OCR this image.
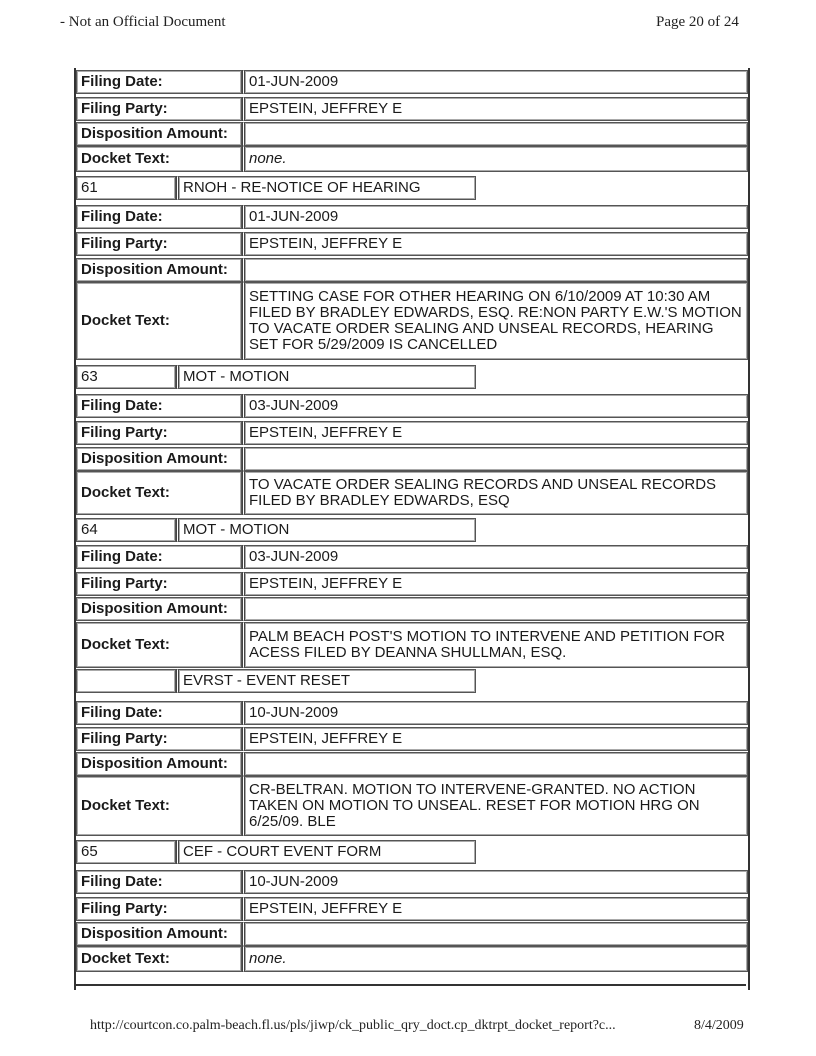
- Not an Official Document	Page 20 of 24
Filing Date:	01-JUN-2009
Filing Party:	EPSTEIN, JEFFREY E
Disposition Amount:
Docket Text:	none.
61	RNOH - RE-NOTICE OF HEARING
Filing Date:	01-JUN-2009
Filing Party:	EPSTEIN, JEFFREY E
Disposition Amount:
Docket Text:
SETTING CASE FOR OTHER HEARING ON 6/10/2009 AT 10:30 AM FILED BY BRADLEY EDWARDS, ESQ. RE:NON PARTY E.W.'S MOTION TO VACATE ORDER SEALING AND UNSEAL RECORDS, HEARING SET FOR 5/29/2009 IS CANCELLED
63	MOT - MOTION
Filing Date:	03-JUN-2009
Filing Party:	EPSTEIN, JEFFREY E
Disposition Amount:
Docket Text:	TO VACATE ORDER SEALING RECORDS AND UNSEAL RECORDS FILED BY BRADLEY EDWARDS, ESQ
64	MOT - MOTION
Filing Date:	03-JUN-2009
Filing Party:	EPSTEIN, JEFFREY E
Disposition Amount:
Docket Text:	PALM BEACH POST'S MOTION TO INTERVENE AND PETITION FOR ACESS FILED BY DEANNA SHULLMAN, ESQ.
EVRST - EVENT RESET
Filing Date:	10-JUN-2009
Filing Party:	EPSTEIN, JEFFREY E
Disposition Amount:
Docket Text:
CR-BELTRAN. MOTION TO INTERVENE-GRANTED. NO ACTION TAKEN ON MOTION TO UNSEAL. RESET FOR MOTION HRG ON 6/25/09. BLE
65	CEF - COURT EVENT FORM
Filing Date:	10-JUN-2009
Filing Party:	EPSTEIN, JEFFREY E
Disposition Amount:
Docket Text:	none.
http://courtcon.co.palm-beach.fl.us/pls/jiwp/ck_public_qry_doct.cp_dktrpt_docket_report?c...	8/4/2009
